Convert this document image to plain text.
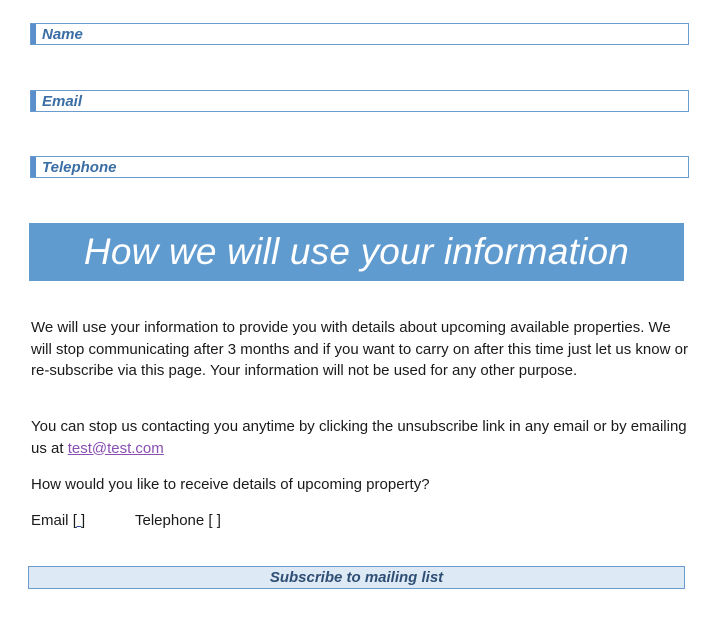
Name
Email
Telephone
How we will use your information
We will use your information to provide you with details about upcoming available properties. We will stop communicating after 3 months and if you want to carry on after this time just let us know or re-subscribe via this page. Your information will not be used for any other purpose.
You can stop us contacting you anytime by clicking the unsubscribe link in any email or by emailing us at test@test.com
How would you like to receive details of upcoming property?
Email [ ]	Telephone [ ]
Subscribe to mailing list
